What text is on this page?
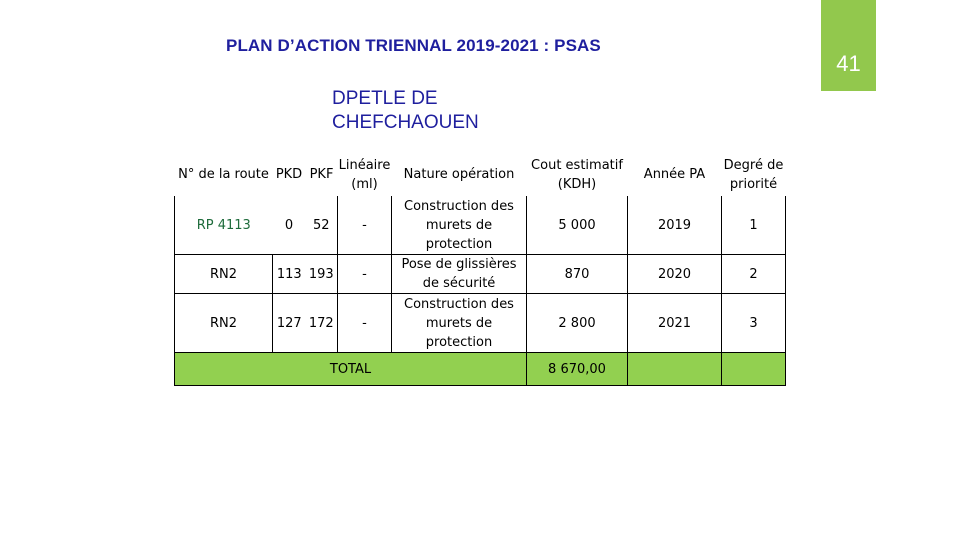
PLAN D’ACTION TRIENNAL 2019-2021 : PSAS
41
DPETLE DE
CHEFCHAOUEN
N° de la route	PKD	PKF	Linéaire (ml)	Nature opération	Cout estimatif (KDH)	Année PA	Degré de priorité
RP 4113	0	52	-	Construction des murets de protection	5 000	2019	1
RN2	113	193	-	Pose de glissières de sécurité	870	2020	2
RN2	127	172	-	Construction des murets de protection	2 800	2021	3
TOTAL					8 670,00		
